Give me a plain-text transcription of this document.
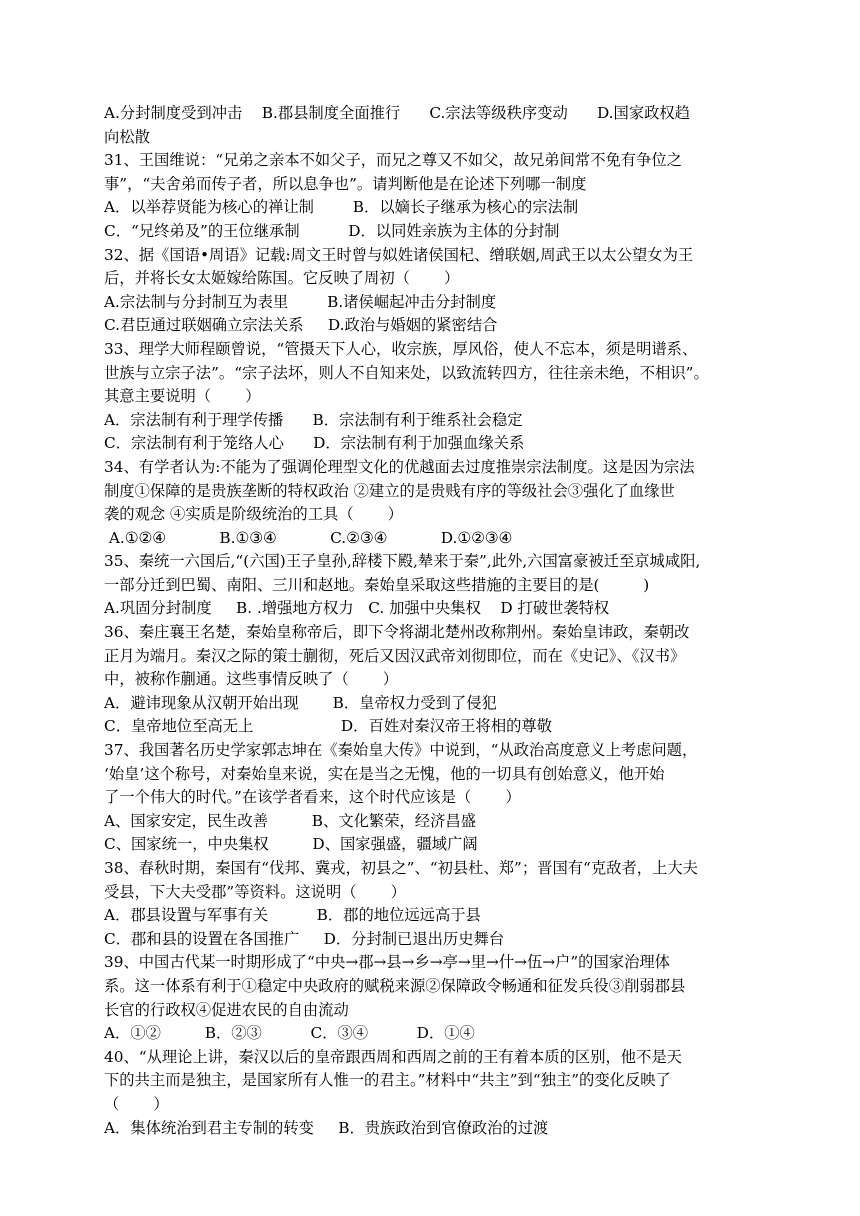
A.分封制度受到冲击    B.郡县制度全面推行      C.宗法等级秩序变动      D.国家政权趋
向松散
31、王国维说：“兄弟之亲本不如父子，而兄之尊又不如父，故兄弟间常不免有争位之
事”，“夫舍弟而传子者，所以息争也”。请判断他是在论述下列哪一制度
A．以举荐贤能为核心的禅让制        B．以嫡长子继承为核心的宗法制
C．“兄终弟及”的王位继承制          D．以同姓亲族为主体的分封制
32、据《国语•周语》记载:周文王时曾与姒姓诸侯国杞、缯联姻,周武王以太公望女为王
后，并将长女太姬嫁给陈国。它反映了周初（       ）
A.宗法制与分封制互为表里        B.诸侯崛起冲击分封制度
C.君臣通过联姻确立宗法关系     D.政治与婚姻的紧密结合
33、理学大师程颐曾说，“管摄天下人心，收宗族，厚风俗，使人不忘本，须是明谱系、
世族与立宗子法”。“宗子法坏，则人不自知来处，以致流转四方，往往亲未绝，不相识”。
其意主要说明（       ）
A．宗法制有利于理学传播      B．宗法制有利于维系社会稳定
C．宗法制有利于笼络人心      D．宗法制有利于加强血缘关系
34、有学者认为:不能为了强调伦理型文化的优越面去过度推崇宗法制度。这是因为宗法
制度①保障的是贵族垄断的特权政治 ②建立的是贵贱有序的等级社会③强化了血缘世
袭的观念 ④实质是阶级统治的工具（       ）
A.①②④           B.①③④           C.②③④           D.①②③④
35、秦统一六国后,“(六国)王子皇孙,辞楼下殿,辇来于秦”,此外,六国富豪被迁至京城咸阳,
一部分迁到巴蜀、南阳、三川和赵地。秦始皇采取这些措施的主要目的是(         )
A.巩固分封制度     B. .增强地方权力   C. 加强中央集权    D 打破世袭特权
36、秦庄襄王名楚，秦始皇称帝后，即下令将湖北楚州改称荆州。秦始皇讳政，秦朝改
正月为端月。秦汉之际的策士蒯彻，死后又因汉武帝刘彻即位，而在《史记》、《汉书》
中，被称作蒯通。这些事情反映了（       ）
A．避讳现象从汉朝开始出现       B．皇帝权力受到了侵犯
C．皇帝地位至高无上                  D．百姓对秦汉帝王将相的尊敬
37、我国著名历史学家郭志坤在《秦始皇大传》中说到，“从政治高度意义上考虑问题，
‘始皇’这个称号，对秦始皇来说，实在是当之无愧，他的一切具有创始意义，他开始
了一个伟大的时代。”在该学者看来，这个时代应该是（       ）
A、国家安定，民生改善         B、文化繁荣，经济昌盛
C、国家统一，中央集权         D、国家强盛，疆域广阔
38、春秋时期，秦国有“伐邦、冀戎，初县之”、“初县杜、郑”；晋国有“克敌者，上大夫
受县，下大夫受郡”等资料。这说明（       ）
A．郡县设置与军事有关          B．郡的地位远远高于县
C．郡和县的设置在各国推广     D．分封制已退出历史舞台
39、中国古代某一时期形成了“中央→郡→县→乡→亭→里→什→伍→户”的国家治理体
系。这一体系有利于①稳定中央政府的赋税来源②保障政令畅通和征发兵役③削弱郡县
长官的行政权④促进农民的自由流动
A．①②         B．②③          C．③④          D．①④
40、“从理论上讲，秦汉以后的皇帝跟西周和西周之前的王有着本质的区别，他不是天
下的共主而是独主，是国家所有人惟一的君主。”材料中“共主”到“独主”的变化反映了
（       ）
A．集体统治到君主专制的转变     B．贵族政治到官僚政治的过渡
